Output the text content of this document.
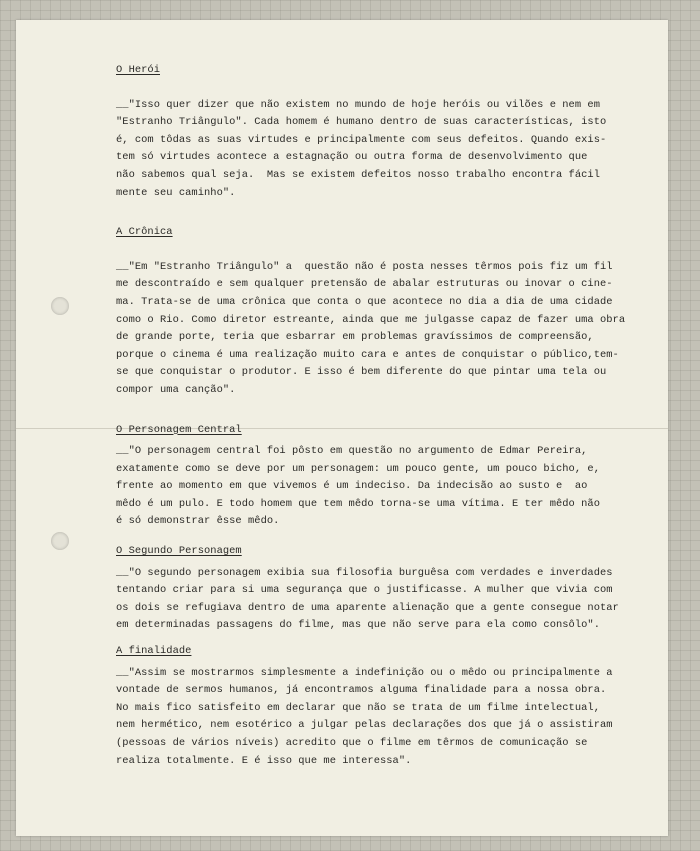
O Herói

__"Isso quer dizer que não existem no mundo de hoje heróis ou vilões e nem em
"Estranho Triângulo". Cada homem é humano dentro de suas características, isto
é, com tôdas as suas virtudes e principalmente com seus defeitos. Quando exis-
tem só virtudes acontece a estagnação ou outra forma de desenvolvimento que
não sabemos qual seja.  Mas se existem defeitos nosso trabalho encontra fácil
mente seu caminho".

A Crônica

__"Em "Estranho Triângulo" a  questão não é posta nesses têrmos pois fiz um fil
me descontraído e sem qualquer pretensão de abalar estruturas ou inovar o cine-
ma. Trata-se de uma crônica que conta o que acontece no dia a dia de uma cidade
como o Rio. Como diretor estreante, ainda que me julgasse capaz de fazer uma obra
de grande porte, teria que esbarrar em problemas gravíssimos de compreensão,
porque o cinema é uma realização muito cara e antes de conquistar o público,tem-
se que conquistar o produtor. E isso é bem diferente do que pintar uma tela ou
compor uma canção".

O Personagem Central

__"O personagem central foi pôsto em questão no argumento de Edmar Pereira,
exatamente como se deve por um personagem: um pouco gente, um pouco bicho, e,
frente ao momento em que vivemos é um indeciso. Da indecisão ao susto e  ao
mêdo é um pulo. E todo homem que tem mêdo torna-se uma vítima. E ter mêdo não
é só demonstrar êsse mêdo.

O Segundo Personagem

__"O segundo personagem exibia sua filosofia burguêsa com verdades e inverdades
tentando criar para si uma segurança que o justificasse. A mulher que vivia com
os dois se refugiava dentro de uma aparente alienação que a gente consegue notar
em determinadas passagens do filme, mas que não serve para ela como consôlo".

A finalidade

__"Assim se mostrarmos simplesmente a indefinição ou o mêdo ou principalmente a
vontade de sermos humanos, já encontramos alguma finalidade para a nossa obra.
No mais fico satisfeito em declarar que não se trata de um filme intelectual,
nem hermético, nem esotérico a julgar pelas declarações dos que já o assistiram
(pessoas de vários níveis) acredito que o filme em têrmos de comunicação se
realiza totalmente. E é isso que me interessa".
